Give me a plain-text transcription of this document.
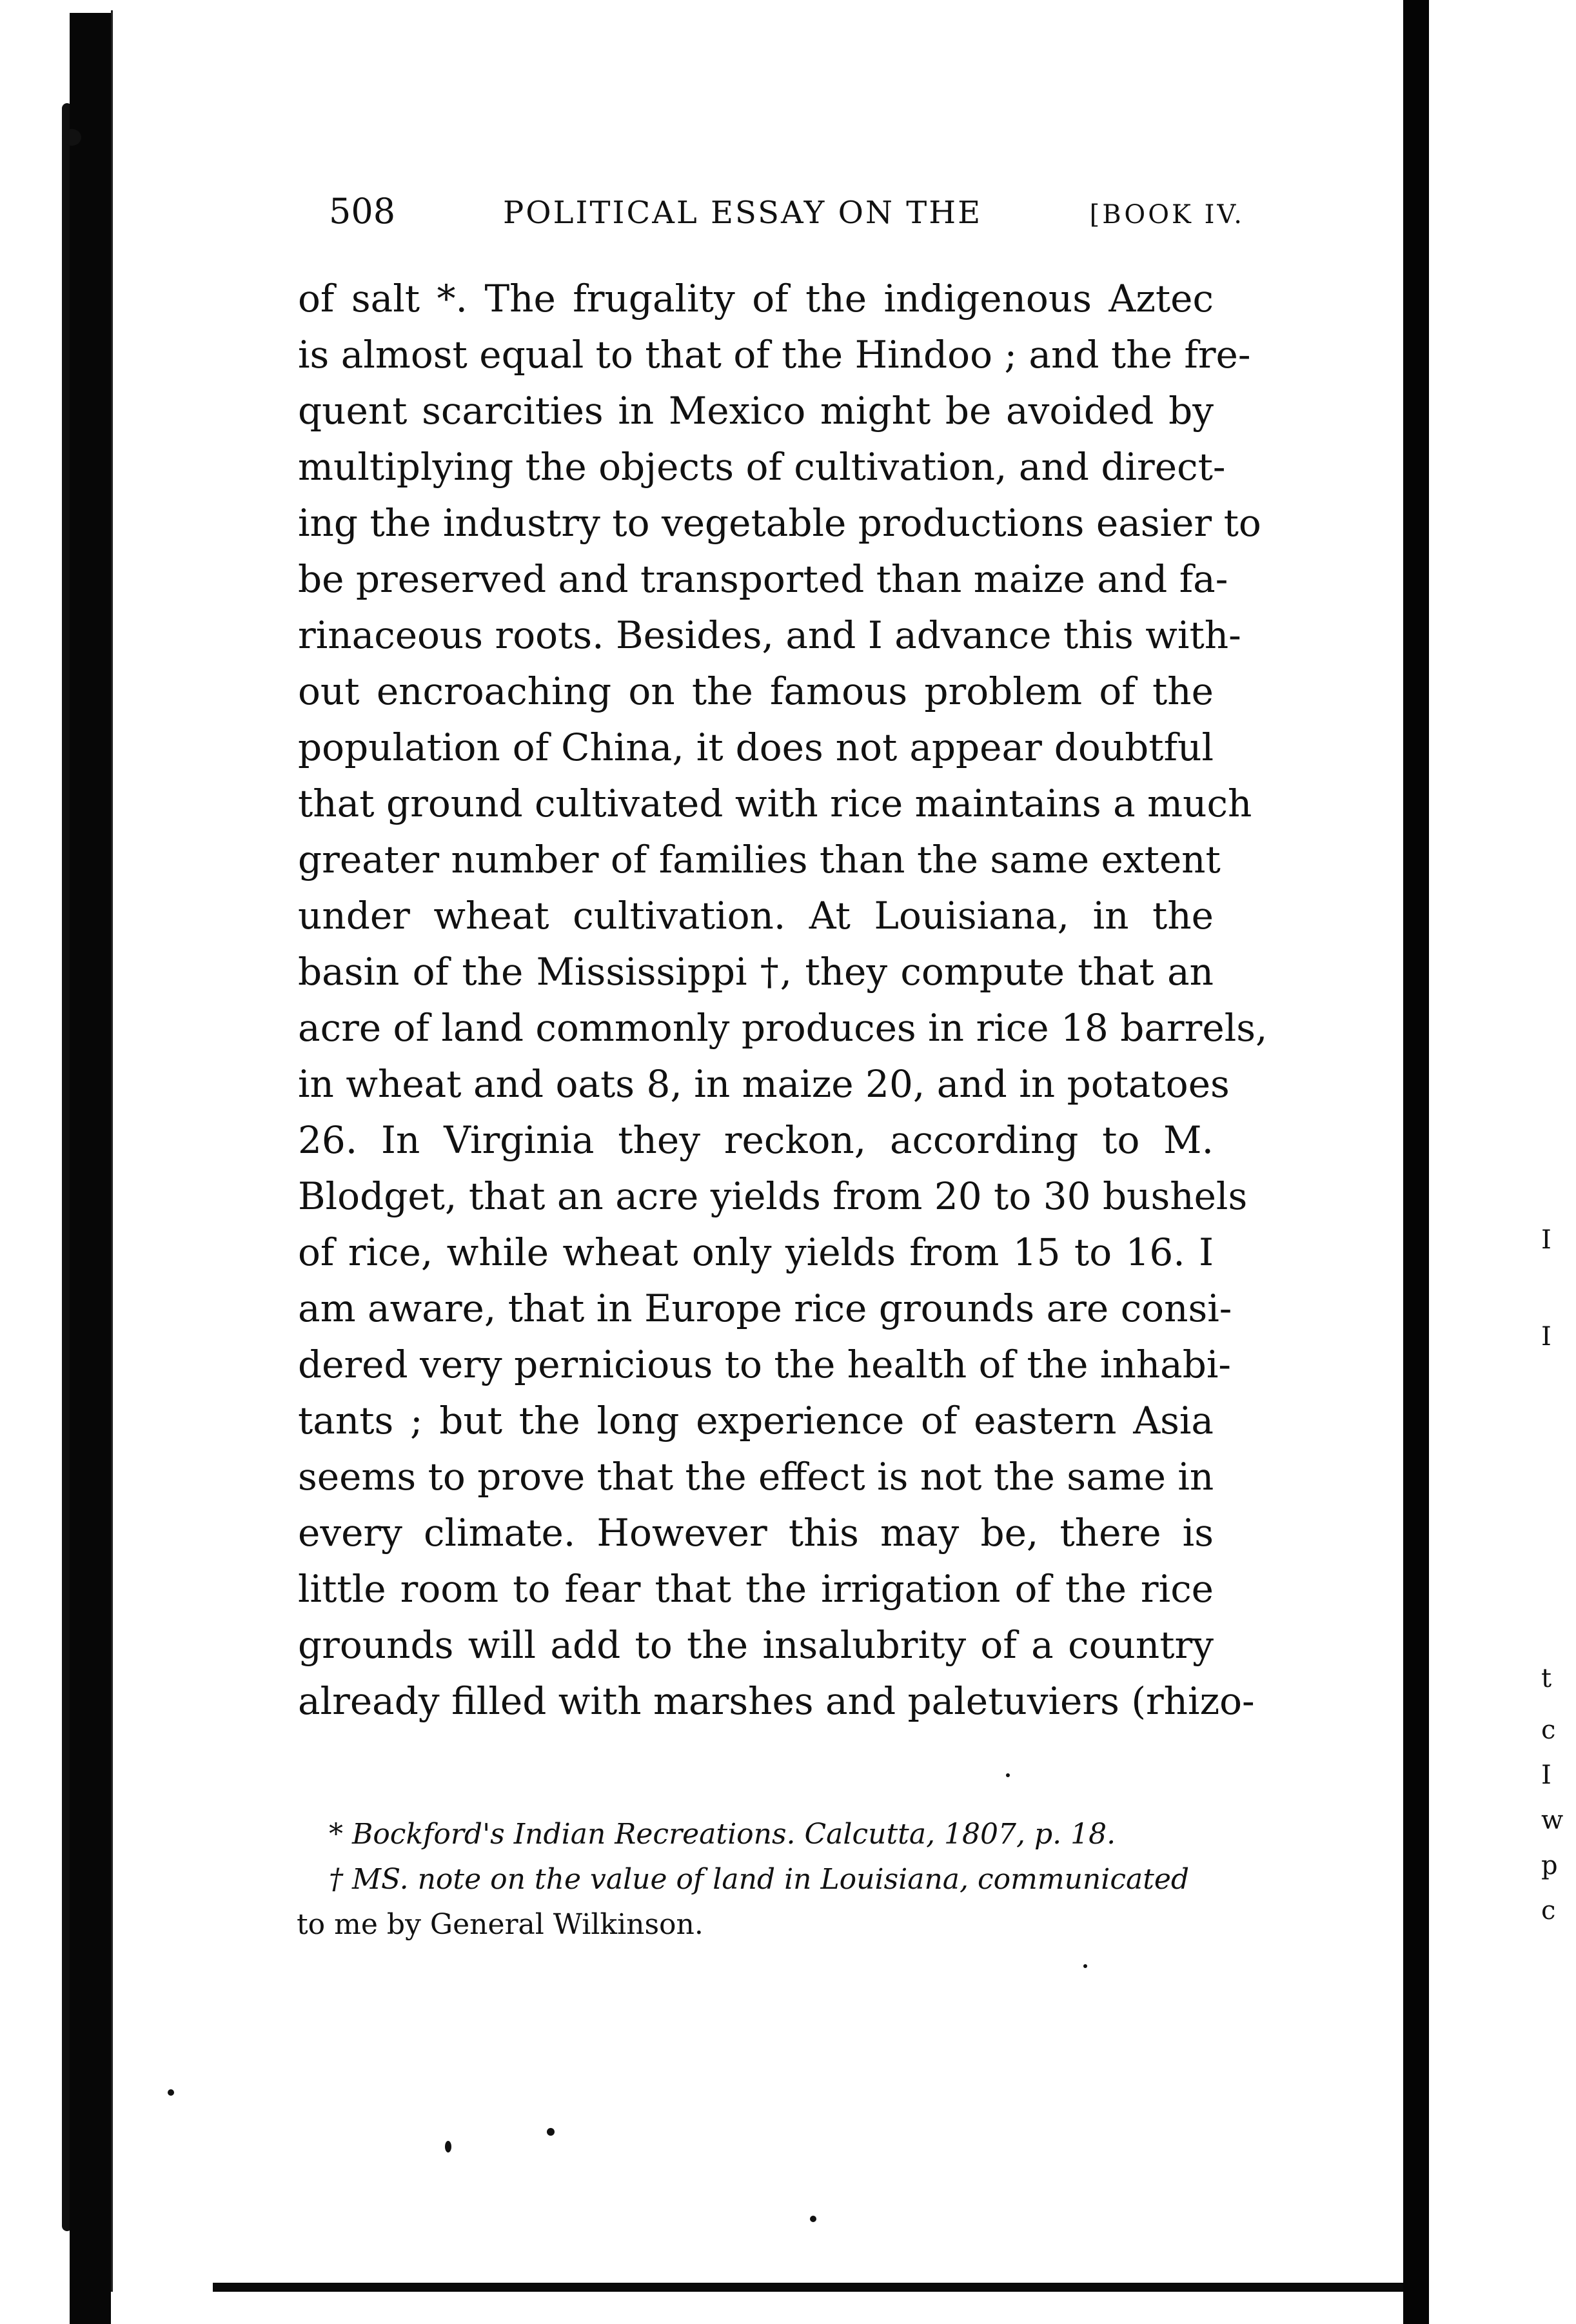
508	POLITICAL ESSAY ON THE	[BOOK IV.
of salt *. The frugality of the indigenous Aztec
is almost equal to that of the Hindoo ; and the fre-
quent scarcities in Mexico might be avoided by
multiplying the objects of cultivation, and direct-
ing the industry to vegetable productions easier to
be preserved and transported than maize and fa-
rinaceous roots. Besides, and I advance this with-
out encroaching on the famous problem of the
population of China, it does not appear doubtful
that ground cultivated with rice maintains a much
greater number of families than the same extent
under wheat cultivation. At Louisiana, in the
basin of the Mississippi †, they compute that an
acre of land commonly produces in rice 18 barrels,
in wheat and oats 8, in maize 20, and in potatoes
26. In Virginia they reckon, according to M.
Blodget, that an acre yields from 20 to 30 bushels
of rice, while wheat only yields from 15 to 16. I
am aware, that in Europe rice grounds are consi-
dered very pernicious to the health of the inhabi-
tants ; but the long experience of eastern Asia
seems to prove that the effect is not the same in
every climate. However this may be, there is
little room to fear that the irrigation of the rice
grounds will add to the insalubrity of a country
already filled with marshes and paletuviers (rhizo-
* Bockford's Indian Recreations. Calcutta, 1807, p. 18.
† MS. note on the value of land in Louisiana, communicated
to me by General Wilkinson.
I
I
t
c
I
w
p
c
